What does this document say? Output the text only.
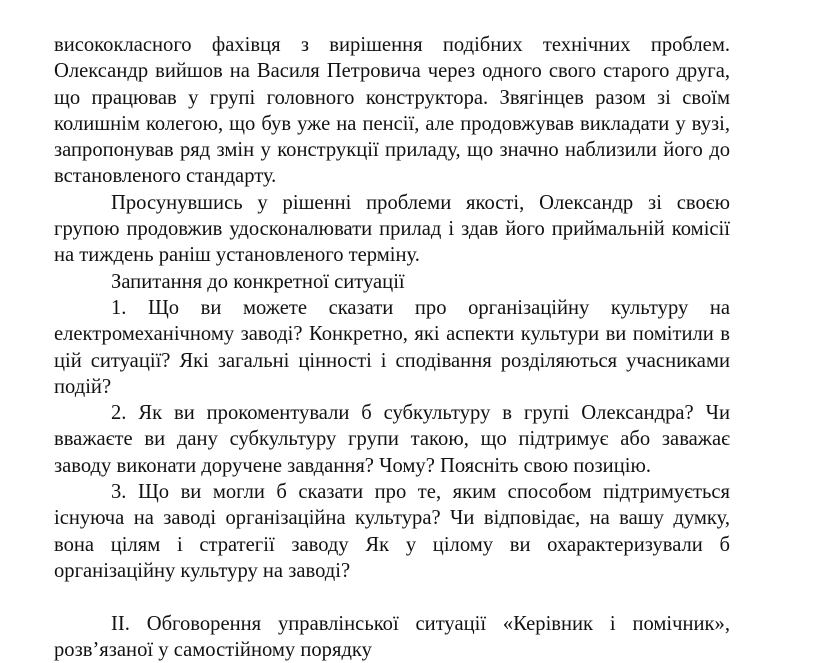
висококласного фахівця з вирішення подібних технічних проблем. Олександр вийшов на Василя Петровича через одного свого старого друга, що працював у групі головного конструктора. Звягінцев разом зі своїм колишнім колегою, що був уже на пенсії, але продовжував викладати у вузі, запропонував ряд змін у конструкції приладу, що значно наблизили його до встановленого стандарту.

Просунувшись у рішенні проблеми якості, Олександр зі своєю групою продовжив удосконалювати прилад і здав його приймальній комісії на тиждень раніш установленого терміну.

Запитання до конкретної ситуації

1. Що ви можете сказати про організаційну культуру на електромеханічному заводі? Конкретно, які аспекти культури ви помітили в цій ситуації? Які загальні цінності і сподівання розділяються учасниками подій?

2. Як ви прокоментували б субкультуру в групі Олександра? Чи вважаєте ви дану субкультуру групи такою, що підтримує або заважає заводу виконати доручене завдання? Чому? Поясніть свою позицію.

3. Що ви могли б сказати про те, яким способом підтримується існуюча на заводі організаційна культура? Чи відповідає, на вашу думку, вона цілям і стратегії заводу Як у цілому ви охарактеризували б організаційну культуру на заводі?

II. Обговорення управлінської ситуації «Керівник і помічник», розв’язаної у самостійному порядку
